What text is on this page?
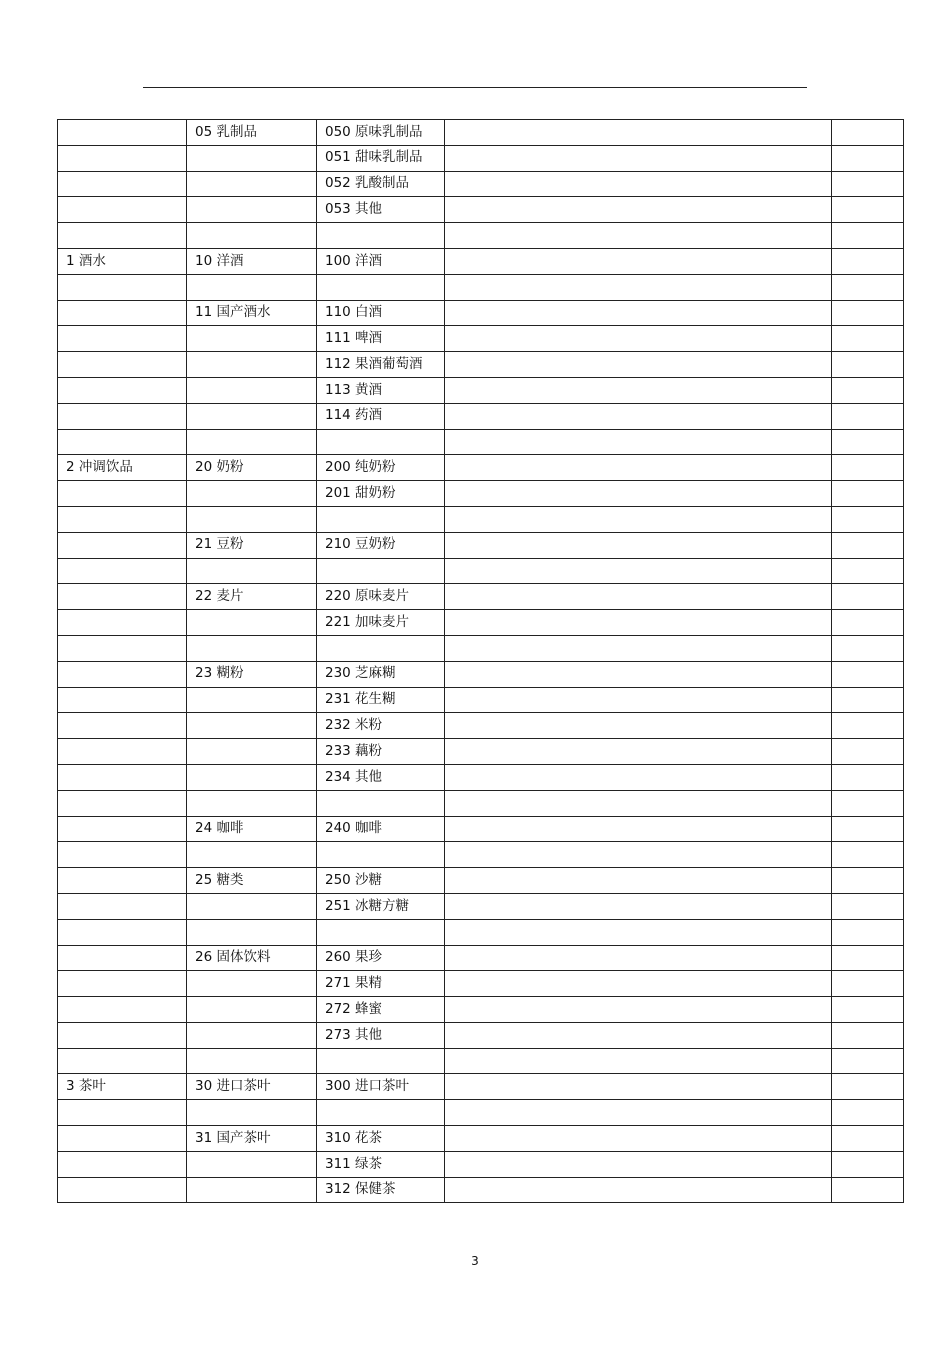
	05 乳制品	050 原味乳制品		
		051 甜味乳制品		
		052 乳酸制品		
		053 其他		

1 酒水	10 洋酒	100 洋酒		

	11 国产酒水	110 白酒		
		111 啤酒		
		112 果酒葡萄酒		
		113 黄酒		
		114 药酒		

2 冲调饮品	20 奶粉	200 纯奶粉		
		201 甜奶粉		

	21 豆粉	210 豆奶粉		

	22 麦片	220 原味麦片		
		221 加味麦片		

	23 糊粉	230 芝麻糊		
		231 花生糊		
		232 米粉		
		233 藕粉		
		234 其他		

	24 咖啡	240 咖啡		

	25 糖类	250 沙糖		
		251 冰糖方糖		

	26 固体饮料	260 果珍		
		271 果精		
		272 蜂蜜		
		273 其他		

3 茶叶	30 进口茶叶	300 进口茶叶		

	31 国产茶叶	310 花茶		
		311 绿茶		
		312 保健茶		
3
